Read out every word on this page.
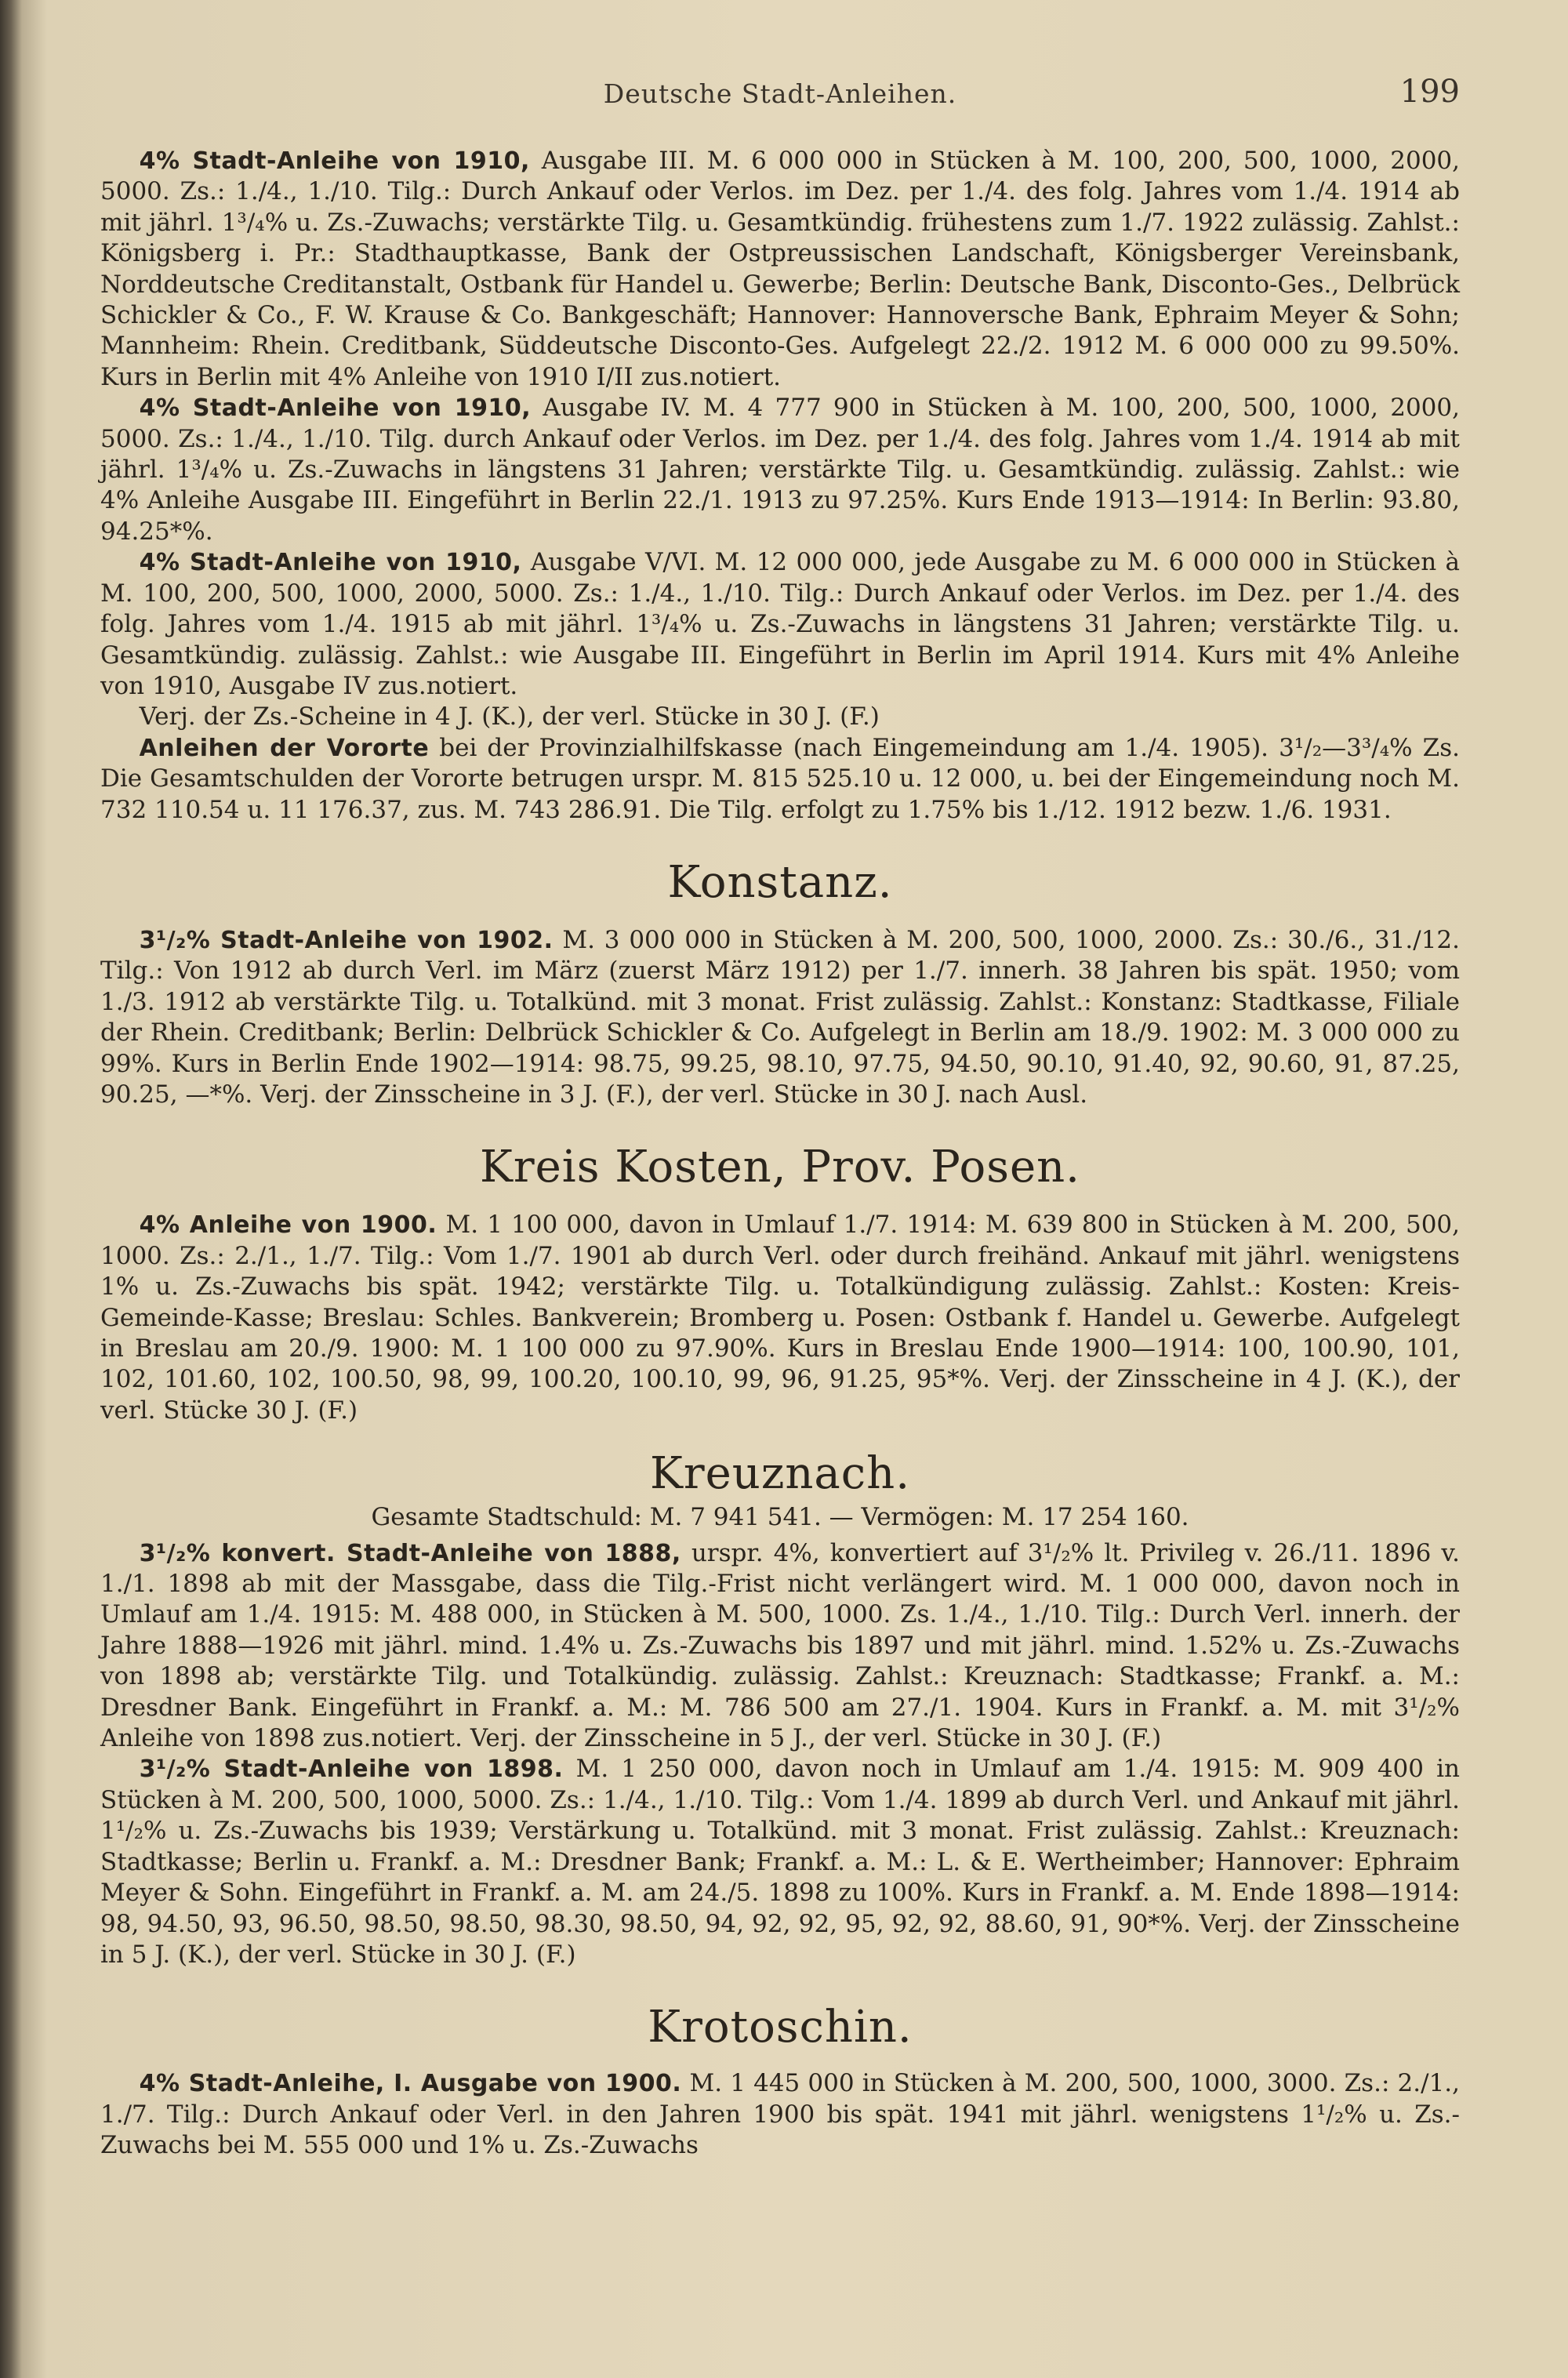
Deutsche Stadt-Anleihen.	199

4% Stadt-Anleihe von 1910, Ausgabe III. M. 6 000 000 in Stücken à M. 100, 200, 500, 1000, 2000, 5000. Zs.: 1./4., 1./10. Tilg.: Durch Ankauf oder Verlos. im Dez. per 1./4. des folg. Jahres vom 1./4. 1914 ab mit jährl. 1³/₄% u. Zs.-Zuwachs; verstärkte Tilg. u. Gesamtkündig. frühestens zum 1./7. 1922 zulässig. Zahlst.: Königsberg i. Pr.: Stadthauptkasse, Bank der Ostpreussischen Landschaft, Königsberger Vereinsbank, Norddeutsche Creditanstalt, Ostbank für Handel u. Gewerbe; Berlin: Deutsche Bank, Disconto-Ges., Delbrück Schickler & Co., F. W. Krause & Co. Bankgeschäft; Hannover: Hannoversche Bank, Ephraim Meyer & Sohn; Mannheim: Rhein. Creditbank, Süddeutsche Disconto-Ges. Aufgelegt 22./2. 1912 M. 6 000 000 zu 99.50%. Kurs in Berlin mit 4% Anleihe von 1910 I/II zus.notiert.

4% Stadt-Anleihe von 1910, Ausgabe IV. M. 4 777 900 in Stücken à M. 100, 200, 500, 1000, 2000, 5000. Zs.: 1./4., 1./10. Tilg. durch Ankauf oder Verlos. im Dez. per 1./4. des folg. Jahres vom 1./4. 1914 ab mit jährl. 1³/₄% u. Zs.-Zuwachs in längstens 31 Jahren; verstärkte Tilg. u. Gesamtkündig. zulässig. Zahlst.: wie 4% Anleihe Ausgabe III. Eingeführt in Berlin 22./1. 1913 zu 97.25%. Kurs Ende 1913—1914: In Berlin: 93.80, 94.25*%.

4% Stadt-Anleihe von 1910, Ausgabe V/VI. M. 12 000 000, jede Ausgabe zu M. 6 000 000 in Stücken à M. 100, 200, 500, 1000, 2000, 5000. Zs.: 1./4., 1./10. Tilg.: Durch Ankauf oder Verlos. im Dez. per 1./4. des folg. Jahres vom 1./4. 1915 ab mit jährl. 1³/₄% u. Zs.-Zuwachs in längstens 31 Jahren; verstärkte Tilg. u. Gesamtkündig. zulässig. Zahlst.: wie Ausgabe III. Eingeführt in Berlin im April 1914. Kurs mit 4% Anleihe von 1910, Ausgabe IV zus.notiert.

Verj. der Zs.-Scheine in 4 J. (K.), der verl. Stücke in 30 J. (F.)

Anleihen der Vororte bei der Provinzialhilfskasse (nach Eingemeindung am 1./4. 1905). 3¹/₂—3³/₄% Zs. Die Gesamtschulden der Vororte betrugen urspr. M. 815 525.10 u. 12 000, u. bei der Eingemeindung noch M. 732 110.54 u. 11 176.37, zus. M. 743 286.91. Die Tilg. erfolgt zu 1.75% bis 1./12. 1912 bezw. 1./6. 1931.

Konstanz.

3¹/₂% Stadt-Anleihe von 1902. M. 3 000 000 in Stücken à M. 200, 500, 1000, 2000. Zs.: 30./6., 31./12. Tilg.: Von 1912 ab durch Verl. im März (zuerst März 1912) per 1./7. innerh. 38 Jahren bis spät. 1950; vom 1./3. 1912 ab verstärkte Tilg. u. Totalkünd. mit 3 monat. Frist zulässig. Zahlst.: Konstanz: Stadtkasse, Filiale der Rhein. Creditbank; Berlin: Delbrück Schickler & Co. Aufgelegt in Berlin am 18./9. 1902: M. 3 000 000 zu 99%. Kurs in Berlin Ende 1902—1914: 98.75, 99.25, 98.10, 97.75, 94.50, 90.10, 91.40, 92, 90.60, 91, 87.25, 90.25, —*%. Verj. der Zinsscheine in 3 J. (F.), der verl. Stücke in 30 J. nach Ausl.

Kreis Kosten, Prov. Posen.

4% Anleihe von 1900. M. 1 100 000, davon in Umlauf 1./7. 1914: M. 639 800 in Stücken à M. 200, 500, 1000. Zs.: 2./1., 1./7. Tilg.: Vom 1./7. 1901 ab durch Verl. oder durch freihänd. Ankauf mit jährl. wenigstens 1% u. Zs.-Zuwachs bis spät. 1942; verstärkte Tilg. u. Totalkündigung zulässig. Zahlst.: Kosten: Kreis-Gemeinde-Kasse; Breslau: Schles. Bankverein; Bromberg u. Posen: Ostbank f. Handel u. Gewerbe. Aufgelegt in Breslau am 20./9. 1900: M. 1 100 000 zu 97.90%. Kurs in Breslau Ende 1900—1914: 100, 100.90, 101, 102, 101.60, 102, 100.50, 98, 99, 100.20, 100.10, 99, 96, 91.25, 95*%. Verj. der Zinsscheine in 4 J. (K.), der verl. Stücke 30 J. (F.)

Kreuznach.
Gesamte Stadtschuld: M. 7 941 541. — Vermögen: M. 17 254 160.

3¹/₂% konvert. Stadt-Anleihe von 1888, urspr. 4%, konvertiert auf 3¹/₂% lt. Privileg v. 26./11. 1896 v. 1./1. 1898 ab mit der Massgabe, dass die Tilg.-Frist nicht verlängert wird. M. 1 000 000, davon noch in Umlauf am 1./4. 1915: M. 488 000, in Stücken à M. 500, 1000. Zs. 1./4., 1./10. Tilg.: Durch Verl. innerh. der Jahre 1888—1926 mit jährl. mind. 1.4% u. Zs.-Zuwachs bis 1897 und mit jährl. mind. 1.52% u. Zs.-Zuwachs von 1898 ab; verstärkte Tilg. und Totalkündig. zulässig. Zahlst.: Kreuznach: Stadtkasse; Frankf. a. M.: Dresdner Bank. Eingeführt in Frankf. a. M.: M. 786 500 am 27./1. 1904. Kurs in Frankf. a. M. mit 3¹/₂% Anleihe von 1898 zus.notiert. Verj. der Zinsscheine in 5 J., der verl. Stücke in 30 J. (F.)

3¹/₂% Stadt-Anleihe von 1898. M. 1 250 000, davon noch in Umlauf am 1./4. 1915: M. 909 400 in Stücken à M. 200, 500, 1000, 5000. Zs.: 1./4., 1./10. Tilg.: Vom 1./4. 1899 ab durch Verl. und Ankauf mit jährl. 1¹/₂% u. Zs.-Zuwachs bis 1939; Verstärkung u. Totalkünd. mit 3 monat. Frist zulässig. Zahlst.: Kreuznach: Stadtkasse; Berlin u. Frankf. a. M.: Dresdner Bank; Frankf. a. M.: L. & E. Wertheimber; Hannover: Ephraim Meyer & Sohn. Eingeführt in Frankf. a. M. am 24./5. 1898 zu 100%. Kurs in Frankf. a. M. Ende 1898—1914: 98, 94.50, 93, 96.50, 98.50, 98.50, 98.30, 98.50, 94, 92, 92, 95, 92, 92, 88.60, 91, 90*%. Verj. der Zinsscheine in 5 J. (K.), der verl. Stücke in 30 J. (F.)

Krotoschin.

4% Stadt-Anleihe, I. Ausgabe von 1900. M. 1 445 000 in Stücken à M. 200, 500, 1000, 3000. Zs.: 2./1., 1./7. Tilg.: Durch Ankauf oder Verl. in den Jahren 1900 bis spät. 1941 mit jährl. wenigstens 1¹/₂% u. Zs.-Zuwachs bei M. 555 000 und 1% u. Zs.-Zuwachs
